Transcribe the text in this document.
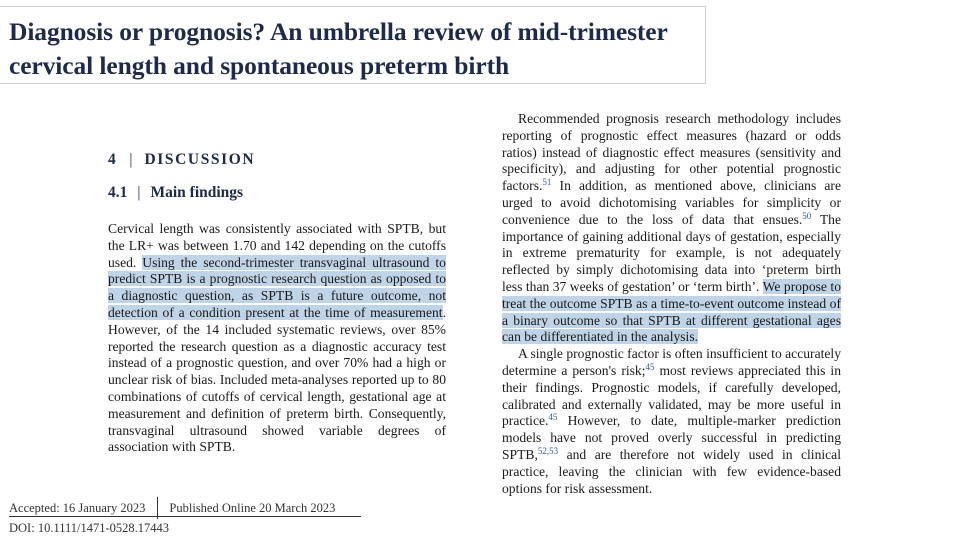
Diagnosis or prognosis? An umbrella review of mid-trimester
cervical length and spontaneous preterm birth
4 | DISCUSSION
4.1 | Main findings

Cervical length was consistently associated with SPTB, but the LR+ was between 1.70 and 142 depending on the cutoffs used. Using the second-trimester transvaginal ultrasound to predict SPTB is a prognostic research question as opposed to a diagnostic question, as SPTB is a future outcome, not detection of a condition present at the time of measurement. However, of the 14 included systematic reviews, over 85% reported the research question as a diagnostic accuracy test instead of a prognostic question, and over 70% had a high or unclear risk of bias. Included meta-analyses reported up to 80 combinations of cutoffs of cervical length, gestational age at measurement and definition of preterm birth. Consequently, transvaginal ultrasound showed variable degrees of association with SPTB.

Recommended prognosis research methodology includes reporting of prognostic effect measures (hazard or odds ratios) instead of diagnostic effect measures (sensitivity and specificity), and adjusting for other potential prognostic factors.$^{51}$ In addition, as mentioned above, clinicians are urged to avoid dichotomising variables for simplicity or convenience due to the loss of data that ensues.$^{50}$ The importance of gaining additional days of gestation, especially in extreme prematurity for example, is not adequately reflected by simply dichotomising data into ‘preterm birth less than 37 weeks of gestation’ or ‘term birth’. We propose to treat the outcome SPTB as a time-to-event outcome instead of a binary outcome so that SPTB at different gestational ages can be differentiated in the analysis.

A single prognostic factor is often insufficient to accurately determine a person's risk;$^{45}$ most reviews appreciated this in their findings. Prognostic models, if carefully developed, calibrated and externally validated, may be more useful in practice.$^{45}$ However, to date, multiple-marker prediction models have not proved overly successful in predicting SPTB,$^{52,53}$ and are therefore not widely used in clinical practice, leaving the clinician with few evidence-based options for risk assessment.

Accepted: 16 January 2023 Published Online 20 March 2023
DOI: 10.1111/1471-0528.17443
